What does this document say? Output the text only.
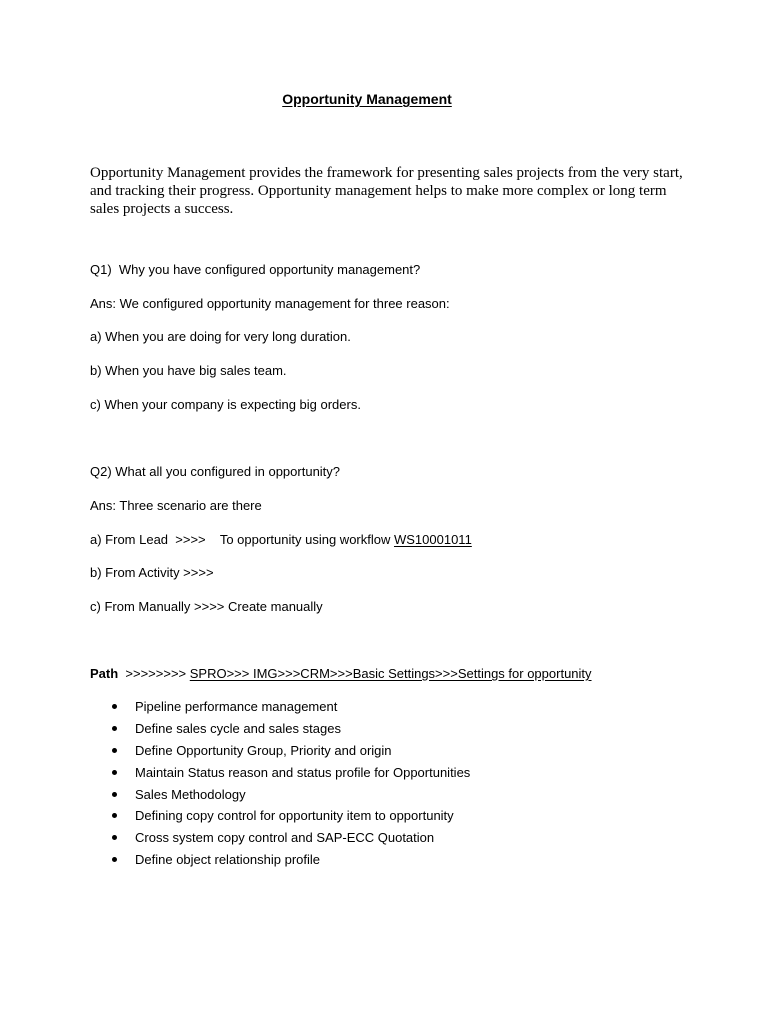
Opportunity Management
Opportunity Management provides the framework for presenting sales projects from the very start, and tracking their progress. Opportunity management helps to make more complex or long term sales projects a success.
Q1)  Why you have configured opportunity management?
Ans: We configured opportunity management for three reason:
a) When you are doing for very long duration.
b) When you have big sales team.
c) When your company is expecting big orders.
Q2) What all you configured in opportunity?
Ans: Three scenario are there
a) From Lead  >>>>    To opportunity using workflow WS10001011
b) From Activity >>>>
c) From Manually >>>> Create manually
Path  >>>>>>>> SPRO>>> IMG>>>CRM>>>Basic Settings>>>Settings for opportunity
Pipeline performance management
Define sales cycle and sales stages
Define Opportunity Group, Priority and origin
Maintain Status reason and status profile for Opportunities
Sales Methodology
Defining copy control for opportunity item to opportunity
Cross system copy control and SAP-ECC Quotation
Define object relationship profile
